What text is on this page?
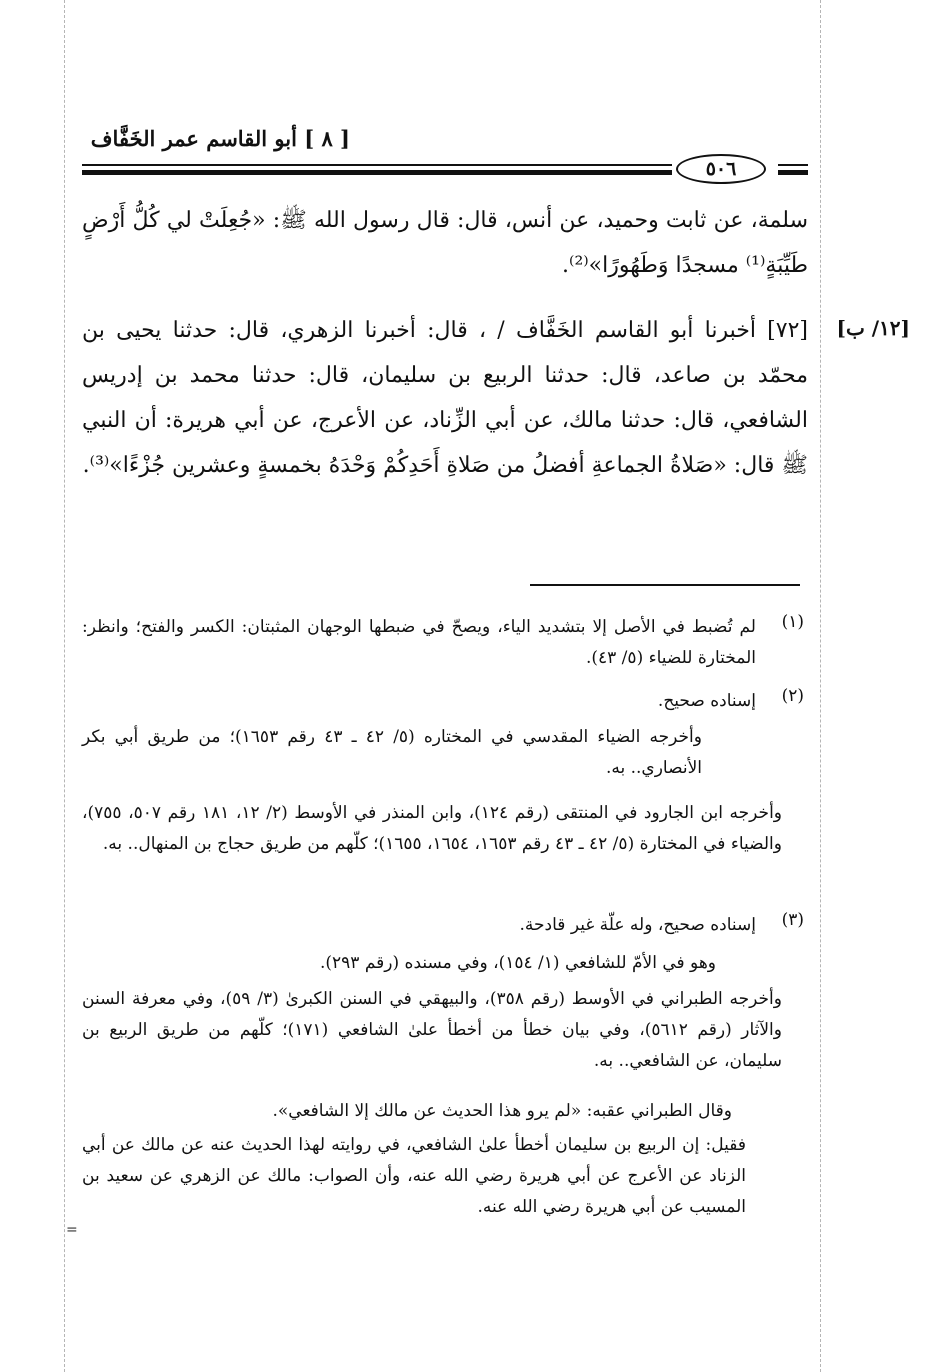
[ ٨ ] أبو القاسم عمر الخَفَّاف
٥٠٦
سلمة، عن ثابت وحميد، عن أنس، قال: قال رسول الله ﷺ: «جُعِلَتْ لي كُلُّ أَرْضٍ طَيِّبَةٍ⁽¹⁾ مسجدًا وَطَهُورًا»⁽²⁾.
[١٢/ ب]
[٧٢] أخبرنا أبو القاسم الخَفَّاف / ، قال: أخبرنا الزهري، قال: حدثنا يحيى بن محمّد بن صاعد، قال: حدثنا الربيع بن سليمان، قال: حدثنا محمد بن إدريس الشافعي، قال: حدثنا مالك، عن أبي الزِّناد، عن الأعرج، عن أبي هريرة: أن النبي ﷺ قال: «صَلاةُ الجماعةِ أفضلُ من صَلاةِ أَحَدِكُمْ وَحْدَهُ بخمسةٍ وعشرين جُزْءًا»⁽³⁾.
(١)
لم تُضبط في الأصل إلا بتشديد الياء، ويصحّ في ضبطها الوجهان المثبتان: الكسر والفتح؛ وانظر: المختارة للضياء (٥/ ٤٣).
(٢)
إسناده صحيح.
وأخرجه الضياء المقدسي في المختاره (٥/ ٤٢ ـ ٤٣ رقم ١٦٥٣)؛ من طريق أبي بكر الأنصاري.. به.
وأخرجه ابن الجارود في المنتقى (رقم ١٢٤)، وابن المنذر في الأوسط (٢/ ١٢، ١٨١ رقم ٥٠٧، ٧٥٥)، والضياء في المختارة (٥/ ٤٢ ـ ٤٣ رقم ١٦٥٣، ١٦٥٤، ١٦٥٥)؛ كلّهم من طريق حجاج بن المنهال.. به.
(٣)
إسناده صحيح، وله علّة غير قادحة.
وهو في الأمّ للشافعي (١/ ١٥٤)، وفي مسنده (رقم ٢٩٣).
وأخرجه الطبراني في الأوسط (رقم ٣٥٨)، والبيهقي في السنن الكبرىٰ (٣/ ٥٩)، وفي معرفة السنن والآثار (رقم ٥٦١٢)، وفي بيان خطأ من أخطأ علىٰ الشافعي (١٧١)؛ كلّهم من طريق الربيع بن سليمان، عن الشافعي.. به.
وقال الطبراني عقبه: «لم يرو هذا الحديث عن مالك إلا الشافعي».
فقيل: إن الربيع بن سليمان أخطأ علىٰ الشافعي، في روايته لهذا الحديث عنه عن مالك عن أبي الزناد عن الأعرج عن أبي هريرة رضي الله عنه، وأن الصواب: مالك عن الزهري عن سعيد بن المسيب عن أبي هريرة رضي الله عنه.
=
